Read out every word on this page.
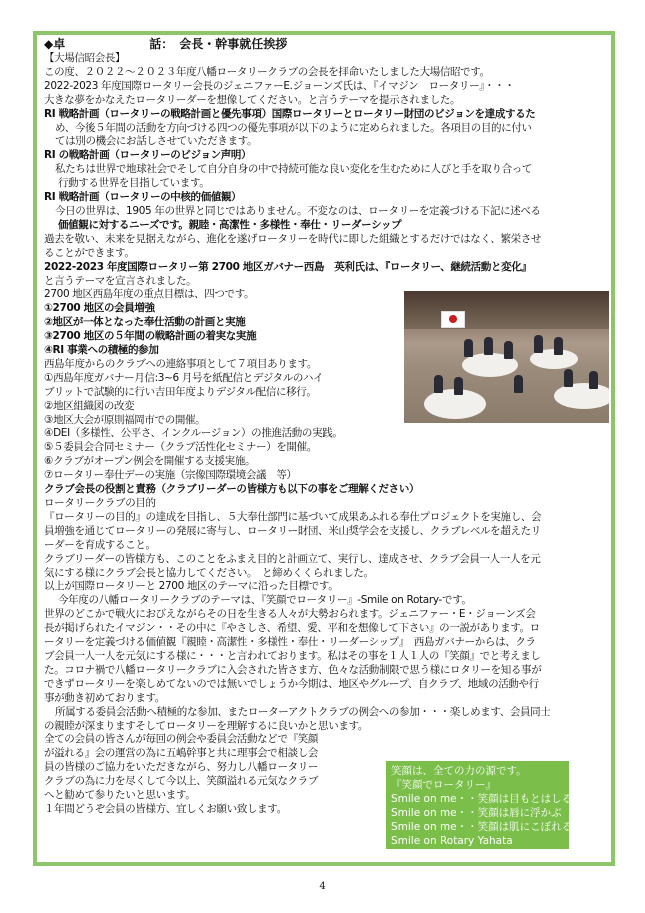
◆卓　　　　　　　話：　会長・幹事就任挨拶
【大場信昭会長】
この度、２０２２～２０２３年度八幡ロータリークラブの会長を拝命いたしました大場信昭です。
2022-2023 年度国際ロータリー会長のジェニファーE.ジョーンズ氏は、『イマジン　ロータリー』・・・
大きな夢をかなえたロータリーダーを想像してください。と言うテーマを提示されました。
RI 戦略計画（ロータリーの戦略計画と優先事項）国際ロータリーとロータリー財団のビジョンを達成するた
め、今後５年間の活動を方向づける四つの優先事項が以下のように定められました。各項目の目的に付い
ては別の機会にお話しさせていただきます。
RI の戦略計画（ロータリーのビジョン声明）
私たちは世界で地球社会でそして自分自身の中で持続可能な良い変化を生むために人びと手を取り合って
行動する世界を目指しています。
RI 戦略計画（ロータリーの中核的価値観）
今日の世界は、1905 年の世界と同じではありません。不変なのは、ロータリーを定義づける下記に述べる
価値観に対するニーズです。親睦・高潔性・多様性・奉仕・リーダーシップ
過去を敬い、未来を見据えながら、進化を遂げロータリーを時代に即した組織とするだけではなく、繁栄させ
ることができます。
2022-2023 年度国際ロータリー第 2700 地区ガバナー西島　英利氏は、『ロータリー、継続活動と変化』
と言うテーマを宣言されました。
2700 地区西島年度の重点目標は、四つです。
①2700 地区の会員増強
②地区が一体となった奉仕活動の計画と実施
③2700 地区の５年間の戦略計画の着実な実施
④RI 事業への積極的参加
西島年度からのクラブへの連絡事項として７項目あります。
①西島年度ガバナー月信:3~6 月号を紙配信とデジタルのハイ
ブリットで試験的に行い吉田年度よりデジタル配信に移行。
②地区組織図の改変
③地区大会が原則福岡市での開催。
④DEI（多様性、公平さ、インクルージョン）の推進活動の実践。
⑤５委員会合同セミナー（クラブ活性化セミナー）を開催。
⑥クラブがオープン例会を開催する支援実施。
⑦ロータリー奉仕デーの実施（宗像国際環境会議　等）
クラブ会長の役割と責務（クラブリーダーの皆様方も以下の事をご理解ください）
ロータリークラブの目的
『ロータリーの目的』の達成を目指し、５大奉仕部門に基づいて成果あふれる奉仕プロジェクトを実施し、会
員増強を通じてロータリーの発展に寄与し、ロータリー財団、米山奨学会を支援し、クラブレベルを超えたリ
ーダーを育成すること。
クラブリーダーの皆様方も、このことをふまえ目的と計画立て、実行し、達成させ、クラブ会員一人一人を元
気にする様にクラブ会長と協力してください。　と締めくくられました。
以上が国際ロータリーと 2700 地区のテーマに沿った目標です。
今年度の八幡ロータリークラブのテーマは、『笑顔でロータリー』-Smile on Rotary-です。
世界のどこかで戦火におびえながらその日を生きる人々が大勢おられます。ジェニファー・E・ジョーンズ会
長が掲げられたイマジン・・その中に『やさしさ、希望、愛、平和を想像して下さい』の一説があります。ロ
ータリーを定義づける価値観『親睦・高潔性・多様性・奉仕・リーダーシップ』　西島ガバナーからは、クラ
ブ会員一人一人を元気にする様に・・・と言われております。私はその事を１人１人の『笑顔』でと考えまし
た。コロナ禍で八幡ロータリークラブに入会された皆さま方、色々な活動制限で思う様にロタリーを知る事が
できずロータリーを楽しめてないのでは無いでしょうか今期は、地区やグループ、自クラブ、地域の活動や行
事が動き初めております。
所属する委員会活動へ積極的な参加、またローターアクトクラブの例会への参加・・・楽しめます、会員同士
の親睦が深まりますそしてロータリーを理解するに良いかと思います。
全ての会員の皆さんが毎回の例会や委員会活動などで『笑顔
が溢れる』会の運営の為に五嶋幹事と共に理事会で相談し会
員の皆様のご協力をいただきながら、努力し八幡ロータリー
クラブの為に力を尽くして今以上、笑顔溢れる元気なクラブ
へと勧めて参りたいと思います。
１年間どうぞ会員の皆様方、宜しくお願い致します。
笑顔は、全ての力の源です。
『笑顔でロータリー』
Smile on me・・笑顔は目もとはしる
Smile on me・・笑顔は唇に浮かぶ
Smile on me・・笑顔は肌にこぼれる
Smile on Rotary Yahata
4
